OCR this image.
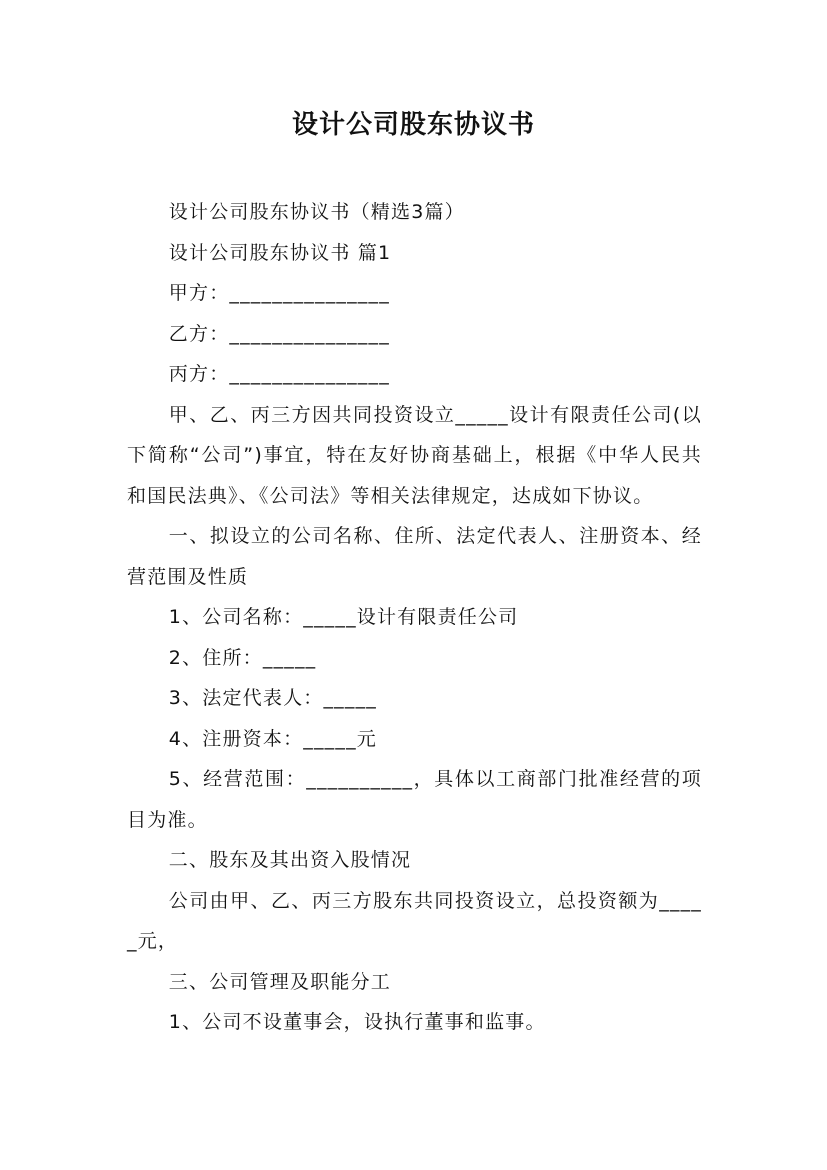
设计公司股东协议书

设计公司股东协议书（精选3篇）

设计公司股东协议书 篇1

甲方：_______________

乙方：_______________

丙方：_______________

甲、乙、丙三方因共同投资设立_____设计有限责任公司(以下简称“公司”)事宜，特在友好协商基础上，根据《中华人民共和国民法典》、《公司法》等相关法律规定，达成如下协议。

一、拟设立的公司名称、住所、法定代表人、注册资本、经营范围及性质

1、公司名称：_____设计有限责任公司

2、住所：_____

3、法定代表人：_____

4、注册资本：_____元

5、经营范围：__________，具体以工商部门批准经营的项目为准。

二、股东及其出资入股情况

公司由甲、乙、丙三方股东共同投资设立，总投资额为_____元，

三、公司管理及职能分工

1、公司不设董事会，设执行董事和监事。
